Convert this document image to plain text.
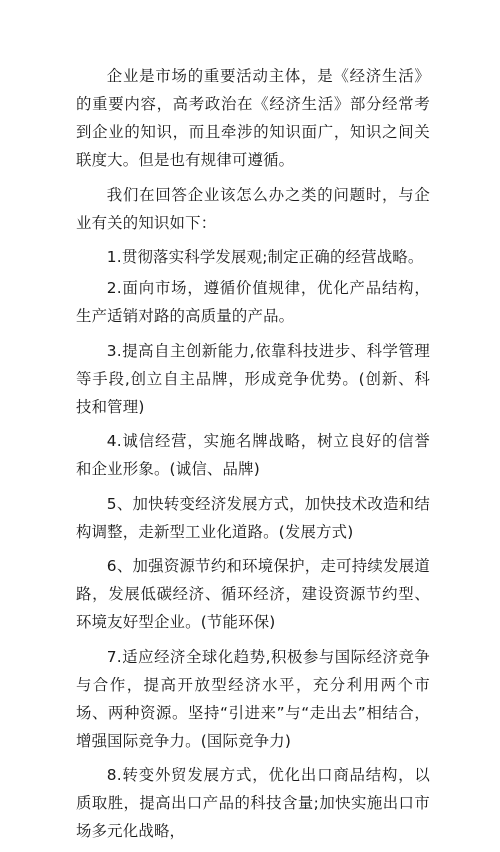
企业是市场的重要活动主体，是《经济生活》的重要内容，高考政治在《经济生活》部分经常考到企业的知识，而且牵涉的知识面广，知识之间关联度大。但是也有规律可遵循。

我们在回答企业该怎么办之类的问题时，与企业有关的知识如下：

1.贯彻落实科学发展观;制定正确的经营战略。

2.面向市场，遵循价值规律，优化产品结构，生产适销对路的高质量的产品。

3.提高自主创新能力,依靠科技进步、科学管理等手段,创立自主品牌，形成竞争优势。(创新、科技和管理)

4.诚信经营，实施名牌战略，树立良好的信誉和企业形象。(诚信、品牌)

5、加快转变经济发展方式，加快技术改造和结构调整，走新型工业化道路。(发展方式)

6、加强资源节约和环境保护，走可持续发展道路，发展低碳经济、循环经济，建设资源节约型、环境友好型企业。(节能环保)

7.适应经济全球化趋势,积极参与国际经济竞争与合作，提高开放型经济水平，充分利用两个市场、两种资源。坚持“引进来”与“走出去”相结合，增强国际竞争力。(国际竞争力)

8.转变外贸发展方式，优化出口商品结构，以质取胜，提高出口产品的科技含量;加快实施出口市场多元化战略，
